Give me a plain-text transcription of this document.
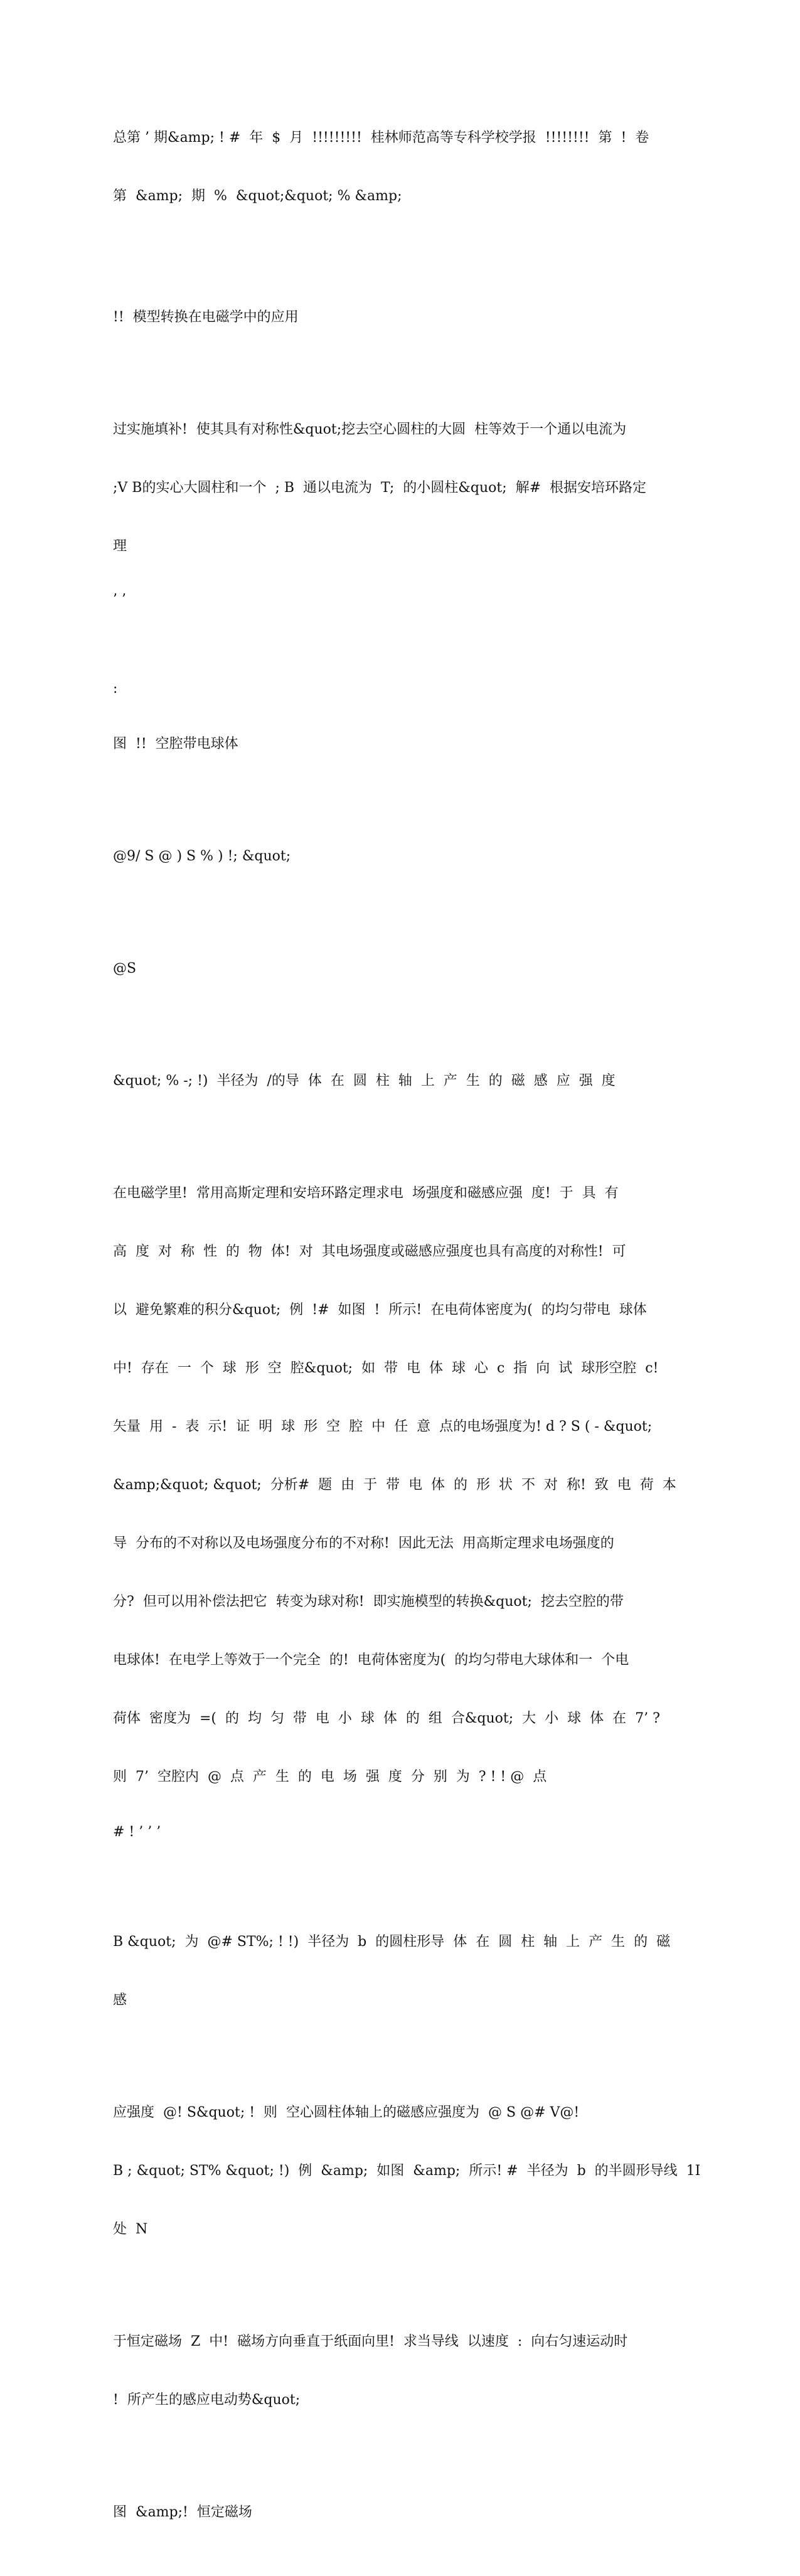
总第 ’ 期&amp; ! #  年  $  月  !!!!!!!!!  桂林师范高等专科学校学报  !!!!!!!!  第  !  卷

第  &amp;  期  %  &quot;&quot; % &amp;

!!  模型转换在电磁学中的应用

过实施填补!  使其具有对称性&quot;挖去空心圆柱的大圆  柱等效于一个通以电流为

;V B的实心大圆柱和一个  ; B  通以电流为  T;  的小圆柱&quot;  解#  根据安培环路定

理

’ ’

:

图  !!  空腔带电球体

@9/ S @ ) S % ) !; &quot;

@S

&quot; % -; !)  半径为  /的导  体  在  圆  柱  轴  上  产  生  的  磁  感  应  强  度

在电磁学里!  常用高斯定理和安培环路定理求电  场强度和磁感应强  度!  于  具  有

高  度  对  称  性  的  物  体!  对  其电场强度或磁感应强度也具有高度的对称性!  可

以  避免繁难的积分&quot;  例  !#  如图  !  所示!  在电荷体密度为(  的均匀带电  球体

中!  存在  一  个  球  形  空  腔&quot;  如  带  电  体  球  心  c  指  向  试  球形空腔  c!

矢量  用  -  表  示!  证  明  球  形  空  腔  中  任  意  点的电场强度为! d ? S ( - &quot;

&amp;&quot; &quot;  分析#  题  由  于  带  电  体  的  形  状  不  对  称!  致  电  荷  本

导  分布的不对称以及电场强度分布的不对称!  因此无法  用高斯定理求电场强度的

分?  但可以用补偿法把它  转变为球对称!  即实施模型的转换&quot;  挖去空腔的带

电球体!  在电学上等效于一个完全  的!  电荷体密度为(  的均匀带电大球体和一  个电

荷体  密度为  =(  的  均  匀  带  电  小  球  体  的  组  合&quot;  大  小  球  体  在  7’ ?

则  7’  空腔内  @  点  产  生  的  电  场  强  度  分  别  为  ? ! ! @  点

# ! ’ ’ ’

B &quot;  为  @# ST%; ! !)  半径为  b  的圆柱形导  体  在  圆  柱  轴  上  产  生  的  磁

感

应强度  @! S&quot; !  则  空心圆柱体轴上的磁感应强度为  @ S @# V@!

B ; &quot; ST% &quot; !)  例  &amp;  如图  &amp;  所示! #  半径为  b  的半圆形导线  1I

处  N

于恒定磁场  Z  中!  磁场方向垂直于纸面向里!  求当导线  以速度  :  向右匀速运动时

!  所产生的感应电动势&quot;

图  &amp;!  恒定磁场
